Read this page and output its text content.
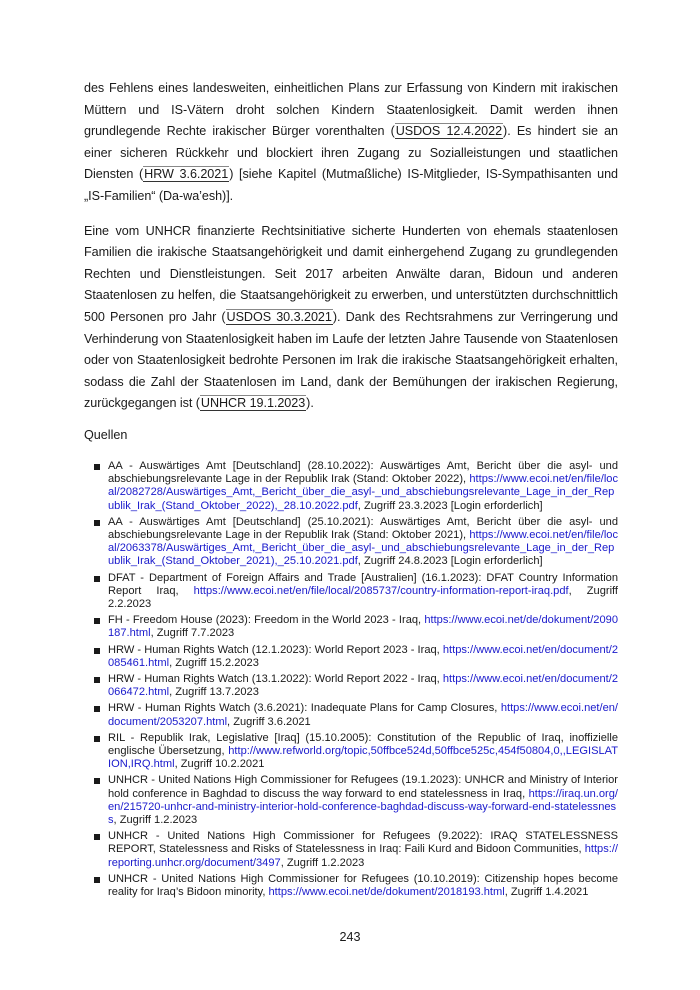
des Fehlens eines landesweiten, einheitlichen Plans zur Erfassung von Kindern mit irakischen Müttern und IS-Vätern droht solchen Kindern Staatenlosigkeit. Damit werden ihnen grundlegende Rechte irakischer Bürger vorenthalten (USDOS 12.4.2022). Es hindert sie an einer sicheren Rückkehr und blockiert ihren Zugang zu Sozialleistungen und staatlichen Diensten (HRW 3.6.2021) [siehe Kapitel (Mutmaßliche) IS-Mitglieder, IS-Sympathisanten und „IS-Familien“ (Da-wa’esh)].

Eine vom UNHCR finanzierte Rechtsinitiative sicherte Hunderten von ehemals staatenlosen Familien die irakische Staatsangehörigkeit und damit einhergehend Zugang zu grundlegenden Rechten und Dienstleistungen. Seit 2017 arbeiten Anwälte daran, Bidoun und anderen Staatenlosen zu helfen, die Staatsangehörigkeit zu erwerben, und unterstützten durchschnittlich 500 Personen pro Jahr (USDOS 30.3.2021). Dank des Rechtsrahmens zur Verringerung und Verhinderung von Staatenlosigkeit haben im Laufe der letzten Jahre Tausende von Staatenlosen oder von Staatenlosigkeit bedrohte Personen im Irak die irakische Staatsangehörigkeit erhalten, sodass die Zahl der Staatenlosen im Land, dank der Bemühungen der irakischen Regierung, zurückgegangen ist (UNHCR 19.1.2023).

Quellen
AA - Auswärtiges Amt [Deutschland] (28.10.2022): Auswärtiges Amt, Bericht über die asyl- und abschiebungsrelevante Lage in der Republik Irak (Stand: Oktober 2022), https://www.ecoi.net/en/file/local/2082728/Auswärtiges_Amt,_Bericht_über_die_asyl-_und_abschiebungsrelevante_Lage_in_der_Republik_Irak_(Stand_Oktober_2022),_28.10.2022.pdf, Zugriff 23.3.2023 [Login erforderlich]
AA - Auswärtiges Amt [Deutschland] (25.10.2021): Auswärtiges Amt, Bericht über die asyl- und abschiebungsrelevante Lage in der Republik Irak (Stand: Oktober 2021), https://www.ecoi.net/en/file/local/2063378/Auswärtiges_Amt,_Bericht_über_die_asyl-_und_abschiebungsrelevante_Lage_in_der_Republik_Irak_(Stand_Oktober_2021),_25.10.2021.pdf, Zugriff 24.8.2023 [Login erforderlich]
DFAT - Department of Foreign Affairs and Trade [Australien] (16.1.2023): DFAT Country Information Report Iraq, https://www.ecoi.net/en/file/local/2085737/country-information-report-iraq.pdf, Zugriff 2.2.2023
FH - Freedom House (2023): Freedom in the World 2023 - Iraq, https://www.ecoi.net/de/dokument/2090187.html, Zugriff 7.7.2023
HRW - Human Rights Watch (12.1.2023): World Report 2023 - Iraq, https://www.ecoi.net/en/document/2085461.html, Zugriff 15.2.2023
HRW - Human Rights Watch (13.1.2022): World Report 2022 - Iraq, https://www.ecoi.net/en/document/2066472.html, Zugriff 13.7.2023
HRW - Human Rights Watch (3.6.2021): Inadequate Plans for Camp Closures, https://www.ecoi.net/en/document/2053207.html, Zugriff 3.6.2021
RIL - Republik Irak, Legislative [Iraq] (15.10.2005): Constitution of the Republic of Iraq, inoffizielle englische Übersetzung, http://www.refworld.org/topic,50ffbce524d,50ffbce525c,454f50804,0,,LEGISLATION,IRQ.html, Zugriff 10.2.2021
UNHCR - United Nations High Commissioner for Refugees (19.1.2023): UNHCR and Ministry of Interior hold conference in Baghdad to discuss the way forward to end statelessness in Iraq, https://iraq.un.org/en/215720-unhcr-and-ministry-interior-hold-conference-baghdad-discuss-way-forward-end-statelessness, Zugriff 1.2.2023
UNHCR - United Nations High Commissioner for Refugees (9.2022): IRAQ STATELESSNESS REPORT, Statelessness and Risks of Statelessness in Iraq: Faili Kurd and Bidoon Communities, https://reporting.unhcr.org/document/3497, Zugriff 1.2.2023
UNHCR - United Nations High Commissioner for Refugees (10.10.2019): Citizenship hopes become reality for Iraq’s Bidoon minority, https://www.ecoi.net/de/dokument/2018193.html, Zugriff 1.4.2021
243
